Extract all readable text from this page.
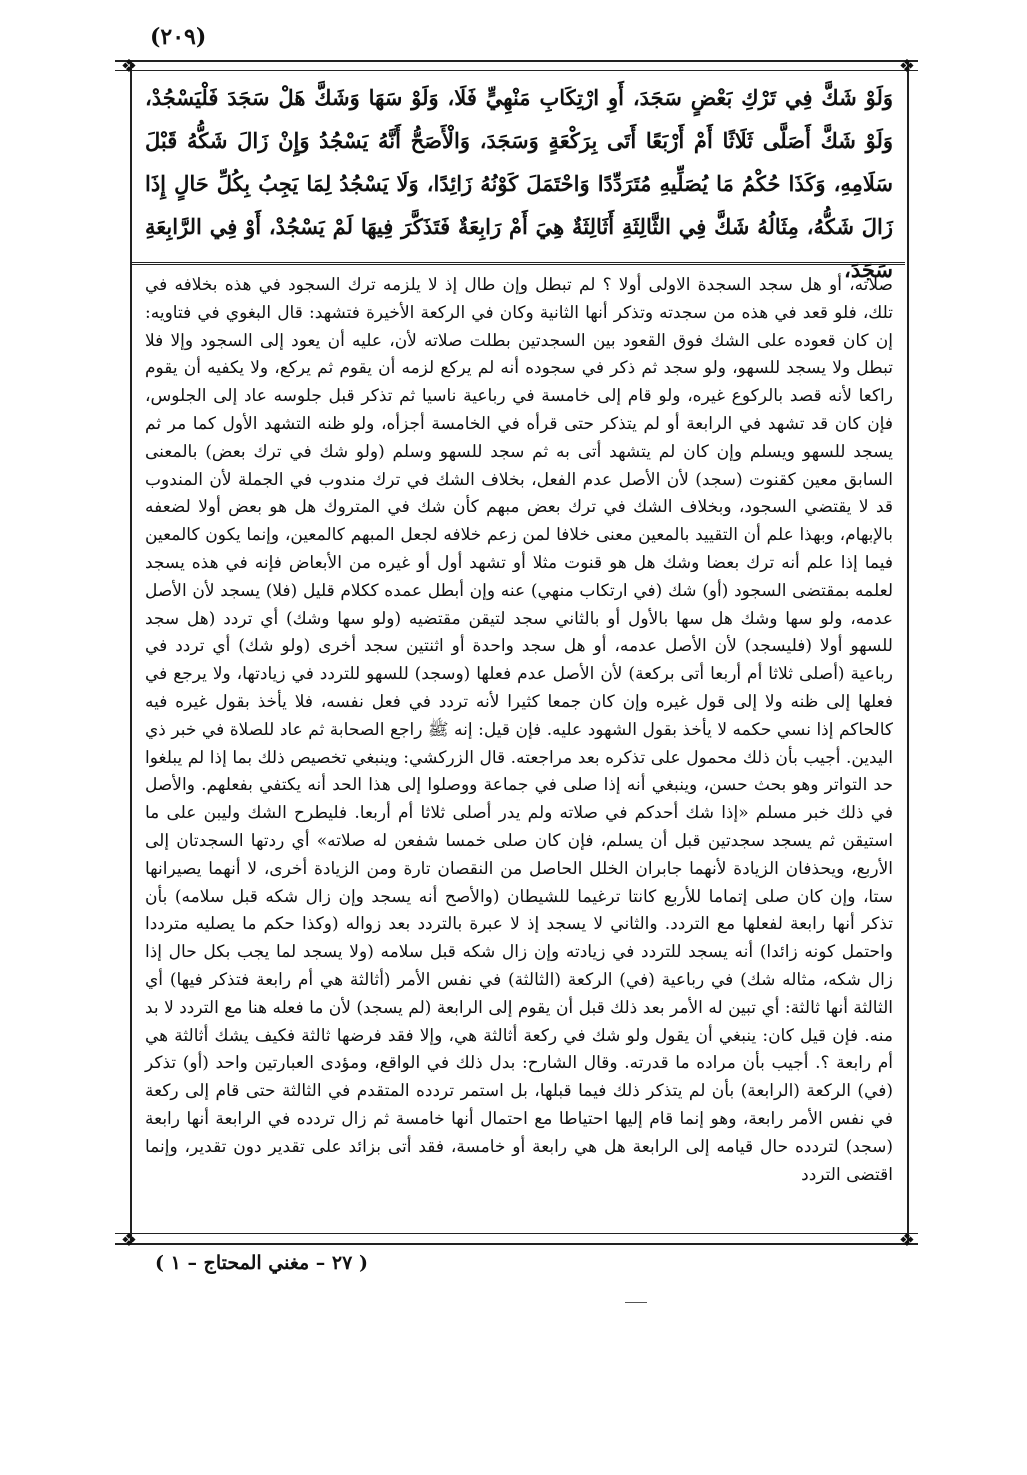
(٢٠٩)
❖	❖
❖	❖
وَلَوْ شَكَّ فِي تَرْكِ بَعْضٍ سَجَدَ، أَوِ ارْتِكَابِ مَنْهِيٍّ فَلَا، وَلَوْ سَهَا وَشَكَّ هَلْ سَجَدَ فَلْيَسْجُدْ، وَلَوْ شَكَّ أَصَلَّى ثَلَاثًا أَمْ أَرْبَعًا أَتَى بِرَكْعَةٍ وَسَجَدَ، وَالْأَصَحُّ أَنَّهُ يَسْجُدُ وَإِنْ زَالَ شَكُّهُ قَبْلَ سَلَامِهِ، وَكَذَا حُكْمُ مَا يُصَلِّيهِ مُتَرَدِّدًا وَاحْتَمَلَ كَوْنُهُ زَائِدًا، وَلَا يَسْجُدُ لِمَا يَجِبُ بِكُلِّ حَالٍ إِذَا زَالَ شَكُّهُ، مِثَالُهُ شَكَّ فِي الثَّالِثَةِ أَثَالِثَةٌ هِيَ أَمْ رَابِعَةٌ فَتَذَكَّرَ فِيهَا لَمْ يَسْجُدْ، أَوْ فِي الرَّابِعَةِ سَجَدَ،

صلاته، أو هل سجد السجدة الاولى أولا ؟ لم تبطل وإن طال إذ لا يلزمه ترك السجود في هذه بخلافه في تلك، فلو قعد في هذه من سجدته وتذكر أنها الثانية وكان في الركعة الأخيرة فتشهد: قال البغوي في فتاويه: إن كان قعوده على الشك فوق القعود بين السجدتين بطلت صلاته لأن، عليه أن يعود إلى السجود وإلا فلا تبطل ولا يسجد للسهو، ولو سجد ثم ذكر في سجوده أنه لم يركع لزمه أن يقوم ثم يركع، ولا يكفيه أن يقوم راكعا لأنه قصد بالركوع غيره، ولو قام إلى خامسة في رباعية ناسيا ثم تذكر قبل جلوسه عاد إلى الجلوس، فإن كان قد تشهد في الرابعة أو لم يتذكر حتى قرأه في الخامسة أجزأه، ولو ظنه التشهد الأول كما مر ثم يسجد للسهو ويسلم وإن كان لم يتشهد أتى به ثم سجد للسهو وسلم (ولو شك في ترك بعض) بالمعنى السابق معين كقنوت (سجد) لأن الأصل عدم الفعل، بخلاف الشك في ترك مندوب في الجملة لأن المندوب قد لا يقتضي السجود، وبخلاف الشك في ترك بعض مبهم كأن شك في المتروك هل هو بعض أولا لضعفه بالإبهام، وبهذا علم أن التقييد بالمعين معنى خلافا لمن زعم خلافه لجعل المبهم كالمعين، وإنما يكون كالمعين فيما إذا علم أنه ترك بعضا وشك هل هو قنوت مثلا أو تشهد أول أو غيره من الأبعاض فإنه في هذه يسجد لعلمه بمقتضى السجود (أو) شك (في ارتكاب منهي) عنه وإن أبطل عمده ككلام قليل (فلا) يسجد لأن الأصل عدمه، ولو سها وشك هل سها بالأول أو بالثاني سجد لتيقن مقتضيه (ولو سها وشك) أي تردد (هل سجد للسهو أولا (فليسجد) لأن الأصل عدمه، أو هل سجد واحدة أو اثنتين سجد أخرى (ولو شك) أي تردد في رباعية (أصلى ثلاثا أم أربعا أتى بركعة) لأن الأصل عدم فعلها (وسجد) للسهو للتردد في زيادتها، ولا يرجع في فعلها إلى ظنه ولا إلى قول غيره وإن كان جمعا كثيرا لأنه تردد في فعل نفسه، فلا يأخذ بقول غيره فيه كالحاكم إذا نسي حكمه لا يأخذ بقول الشهود عليه. فإن قيل: إنه ﷺ راجع الصحابة ثم عاد للصلاة في خبر ذي اليدين. أجيب بأن ذلك محمول على تذكره بعد مراجعته. قال الزركشي: وينبغي تخصيص ذلك بما إذا لم يبلغوا حد التواتر وهو بحث حسن، وينبغي أنه إذا صلى في جماعة ووصلوا إلى هذا الحد أنه يكتفي بفعلهم. والأصل في ذلك خبر مسلم «إذا شك أحدكم في صلاته ولم يدر أصلى ثلاثا أم أربعا. فليطرح الشك وليبن على ما استيقن ثم يسجد سجدتين قبل أن يسلم، فإن كان صلى خمسا شفعن له صلاته» أي ردتها السجدتان إلى الأربع، ويحذفان الزيادة لأنهما جابران الخلل الحاصل من النقصان تارة ومن الزيادة أخرى، لا أنهما يصيرانها ستا، وإن كان صلى إتماما للأربع كانتا ترغيما للشيطان (والأصح أنه يسجد وإن زال شكه قبل سلامه) بأن تذكر أنها رابعة لفعلها مع التردد. والثاني لا يسجد إذ لا عبرة بالتردد بعد زواله (وكذا حكم ما يصليه مترددا واحتمل كونه زائدا) أنه يسجد للتردد في زيادته وإن زال شكه قبل سلامه (ولا يسجد لما يجب بكل حال إذا زال شكه، مثاله شك) في رباعية (في) الركعة (الثالثة) في نفس الأمر (أثالثة هي أم رابعة فتذكر فيها) أي الثالثة أنها ثالثة: أي تبين له الأمر بعد ذلك قبل أن يقوم إلى الرابعة (لم يسجد) لأن ما فعله هنا مع التردد لا بد منه. فإن قيل كان: ينبغي أن يقول ولو شك في ركعة أثالثة هي، وإلا فقد فرضها ثالثة فكيف يشك أثالثة هي أم رابعة ؟. أجيب بأن مراده ما قدرته. وقال الشارح: بدل ذلك في الواقع، ومؤدى العبارتين واحد (أو) تذكر (في) الركعة (الرابعة) بأن لم يتذكر ذلك فيما قبلها، بل استمر تردده المتقدم في الثالثة حتى قام إلى ركعة في نفس الأمر رابعة، وهو إنما قام إليها احتياطا مع احتمال أنها خامسة ثم زال تردده في الرابعة أنها رابعة (سجد) لتردده حال قيامه إلى الرابعة هل هي رابعة أو خامسة، فقد أتى بزائد على تقدير دون تقدير، وإنما اقتضى التردد

( ٢٧ – مغني المحتاج – ١ )
